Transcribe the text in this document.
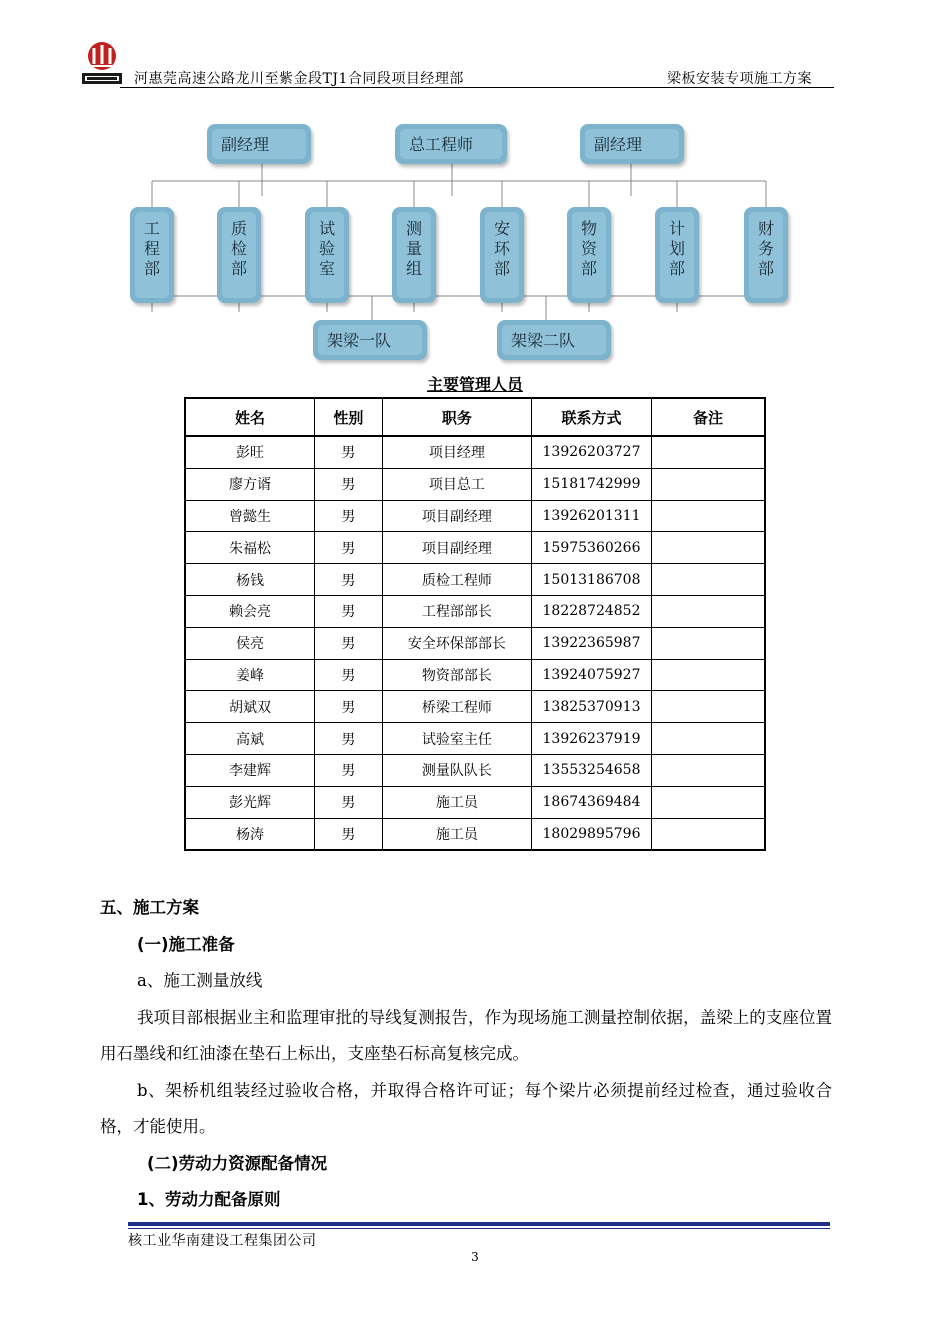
河惠莞高速公路龙川至紫金段TJ1合同段项目经理部	梁板安装专项施工方案
副经理	总工程师	副经理
工
程
部
质
检
部
试
验
室
测
量
组
安
环
部
物
资
部
计
划
部
财
务
部
架梁一队	架梁二队
主要管理人员
姓名	性别	职务	联系方式	备注
彭旺	男	项目经理	13926203727	
廖方谞	男	项目总工	15181742999	
曾懿生	男	项目副经理	13926201311	
朱福松	男	项目副经理	15975360266	
杨钱	男	质检工程师	15013186708	
赖会亮	男	工程部部长	18228724852	
侯亮	男	安全环保部部长	13922365987	
姜峰	男	物资部部长	13924075927	
胡斌双	男	桥梁工程师	13825370913	
高斌	男	试验室主任	13926237919	
李建辉	男	测量队队长	13553254658	
彭光辉	男	施工员	18674369484	
杨涛	男	施工员	18029895796	
五、施工方案
(一)施工准备
a、施工测量放线
我项目部根据业主和监理审批的导线复测报告，作为现场施工测量控制依据，盖梁上的支座位置用石墨线和红油漆在垫石上标出，支座垫石标高复核完成。
b、架桥机组装经过验收合格，并取得合格许可证；每个梁片必须提前经过检查，通过验收合格，才能使用。
(二)劳动力资源配备情况
1、劳动力配备原则
核工业华南建设工程集团公司
3
